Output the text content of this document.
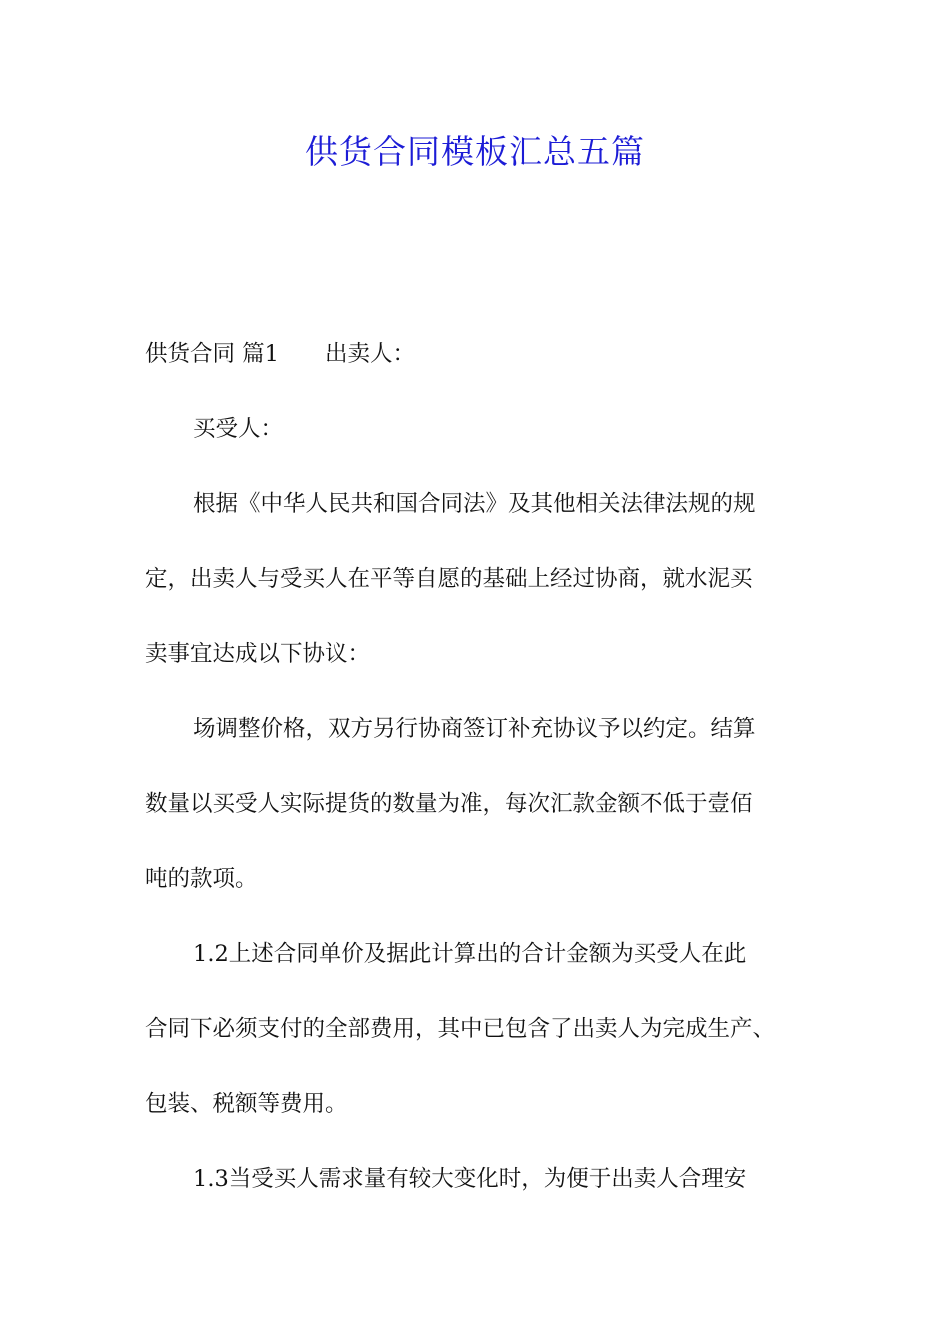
供货合同模板汇总五篇
供货合同 篇1 出卖人：
买受人：
根据《中华人民共和国合同法》及其他相关法律法规的规
定，出卖人与受买人在平等自愿的基础上经过协商，就水泥买
卖事宜达成以下协议：
场调整价格，双方另行协商签订补充协议予以约定。结算
数量以买受人实际提货的数量为准，每次汇款金额不低于壹佰
吨的款项。
1.2上述合同单价及据此计算出的合计金额为买受人在此
合同下必须支付的全部费用，其中已包含了出卖人为完成生产、
包装、税额等费用。
1.3当受买人需求量有较大变化时，为便于出卖人合理安
